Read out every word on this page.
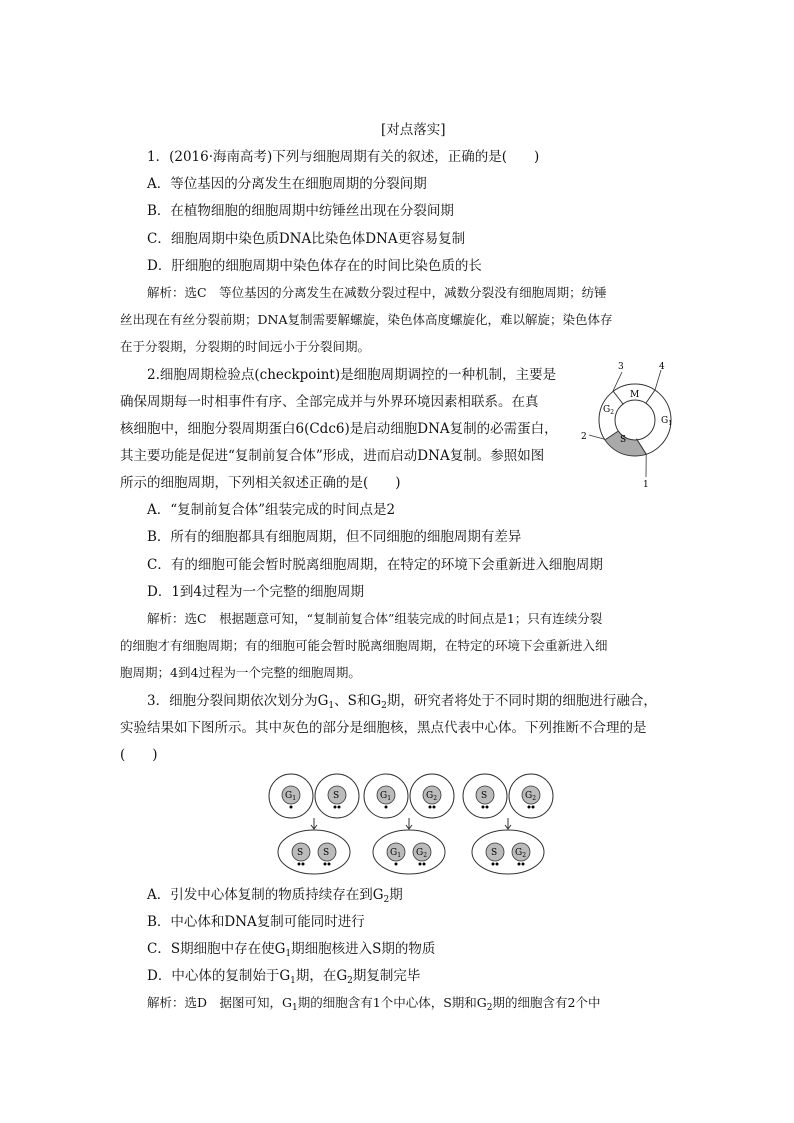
[对点落实]
1．(2016·海南高考)下列与细胞周期有关的叙述，正确的是(　　)
A．等位基因的分离发生在细胞周期的分裂间期
B．在植物细胞的细胞周期中纺锤丝出现在分裂间期
C．细胞周期中染色质DNA比染色体DNA更容易复制
D．肝细胞的细胞周期中染色体存在的时间比染色质的长
解析：选C　等位基因的分离发生在减数分裂过程中，减数分裂没有细胞周期；纺锤
丝出现在有丝分裂前期；DNA复制需要解螺旋，染色体高度螺旋化，难以解旋；染色体存
在于分裂期，分裂期的时间远小于分裂间期。
2.细胞周期检验点(checkpoint)是细胞周期调控的一种机制，主要是
确保周期每一时相事件有序、全部完成并与外界环境因素相联系。在真
核细胞中，细胞分裂周期蛋白6(Cdc6)是启动细胞DNA复制的必需蛋白，
其主要功能是促进“复制前复合体”形成，进而启动DNA复制。参照如图
所示的细胞周期，下列相关叙述正确的是(　　)	1
2
3	4
M
$G_1$
$G_2$
S
A．“复制前复合体”组装完成的时间点是2
B．所有的细胞都具有细胞周期，但不同细胞的细胞周期有差异
C．有的细胞可能会暂时脱离细胞周期，在特定的环境下会重新进入细胞周期
D．1到4过程为一个完整的细胞周期
解析：选C　根据题意可知，“复制前复合体”组装完成的时间点是1；只有连续分裂
的细胞才有细胞周期；有的细胞可能会暂时脱离细胞周期，在特定的环境下会重新进入细
胞周期；4到4过程为一个完整的细胞周期。
3．细胞分裂间期依次划分为$G_1$、S和$G_2$期，研究者将处于不同时期的细胞进行融合，
实验结果如下图所示。其中灰色的部分是细胞核，黑点代表中心体。下列推断不合理的是
(　　)
$G_1$	S
S S
$G_1$	$G_2$
$G_1$ $G_2$
S	$G_2$
S $G_2$
A．引发中心体复制的物质持续存在到$G_2$期
B．中心体和DNA复制可能同时进行
C．S期细胞中存在使$G_1$期细胞核进入S期的物质
D．中心体的复制始于$G_1$期，在$G_2$期复制完毕
解析：选D　据图可知，$G_1$期的细胞含有1个中心体，S期和$G_2$期的细胞含有2个中
